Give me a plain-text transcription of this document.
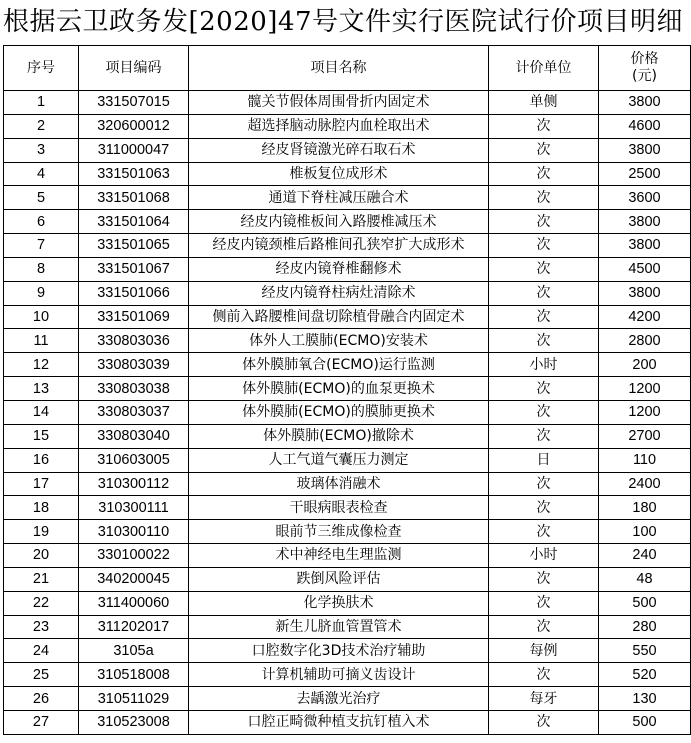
根据云卫政务发[2020]47号文件实行医院试行价项目明细
序号	项目编码	项目名称	计价单位	价格
(元)
1	331507015	髋关节假体周围骨折内固定术	单侧	3800
2	320600012	超选择脑动脉腔内血栓取出术	次	4600
3	311000047	经皮肾镜激光碎石取石术	次	3800
4	331501063	椎板复位成形术	次	2500
5	331501068	通道下脊柱减压融合术	次	3600
6	331501064	经皮内镜椎板间入路腰椎减压术	次	3800
7	331501065	经皮内镜颈椎后路椎间孔狭窄扩大成形术	次	3800
8	331501067	经皮内镜脊椎翻修术	次	4500
9	331501066	经皮内镜脊柱病灶清除术	次	3800
10	331501069	侧前入路腰椎间盘切除植骨融合内固定术	次	4200
11	330803036	体外人工膜肺(ECMO)安装术	次	2800
12	330803039	体外膜肺氧合(ECMO)运行监测	小时	200
13	330803038	体外膜肺(ECMO)的血泵更换术	次	1200
14	330803037	体外膜肺(ECMO)的膜肺更换术	次	1200
15	330803040	体外膜肺(ECMO)撤除术	次	2700
16	310603005	人工气道气囊压力测定	日	110
17	310300112	玻璃体消融术	次	2400
18	310300111	干眼病眼表检查	次	180
19	310300110	眼前节三维成像检查	次	100
20	330100022	术中神经电生理监测	小时	240
21	340200045	跌倒风险评估	次	48
22	311400060	化学换肤术	次	500
23	311202017	新生儿脐血管置管术	次	280
24	3105a	口腔数字化3D技术治疗辅助	每例	550
25	310518008	计算机辅助可摘义齿设计	次	520
26	310511029	去龋激光治疗	每牙	130
27	310523008	口腔正畸微种植支抗钉植入术	次	500
